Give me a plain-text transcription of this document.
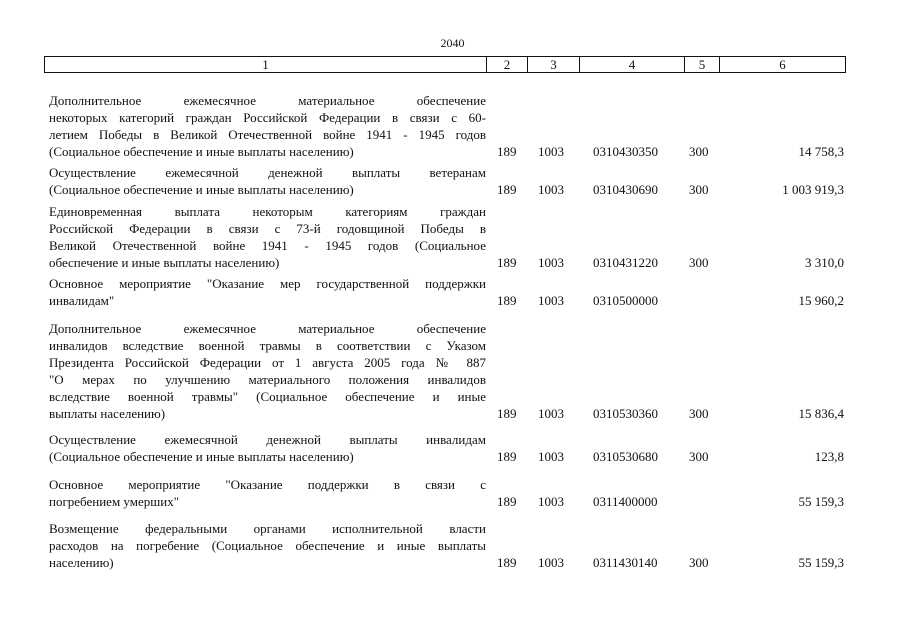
2040
1	2	3	4	5	6
Дополнительное ежемесячное материальное обеспечение
некоторых категорий граждан Российской Федерации в связи с 60-
летием Победы в Великой Отечественной войне 1941 - 1945 годов
(Социальное обеспечение и иные выплаты населению)	189 1003 0310430350 300	14 758,3
Осуществление ежемесячной денежной выплаты ветеранам
(Социальное обеспечение и иные выплаты населению)	189 1003 0310430690 300	1 003 919,3
Единовременная выплата некоторым категориям граждан
Российской Федерации в связи с 73-й годовщиной Победы в
Великой Отечественной войне 1941 - 1945 годов (Социальное
обеспечение и иные выплаты населению)	189 1003 0310431220 300	3 310,0
Основное мероприятие "Оказание мер государственной поддержки
инвалидам"	189 1003 0310500000	15 960,2
Дополнительное ежемесячное материальное обеспечение
инвалидов вследствие военной травмы в соответствии с Указом
Президента Российской Федерации от 1 августа 2005 года № 887
"О мерах по улучшению материального положения инвалидов
вследствие военной травмы" (Социальное обеспечение и иные
выплаты населению)	189 1003 0310530360 300	15 836,4
Осуществление ежемесячной денежной выплаты инвалидам
(Социальное обеспечение и иные выплаты населению)	189 1003 0310530680 300	123,8
Основное мероприятие "Оказание поддержки в связи с
погребением умерших"	189 1003 0311400000	55 159,3
Возмещение федеральными органами исполнительной власти
расходов на погребение (Социальное обеспечение и иные выплаты
населению)	189 1003 0311430140 300	55 159,3
